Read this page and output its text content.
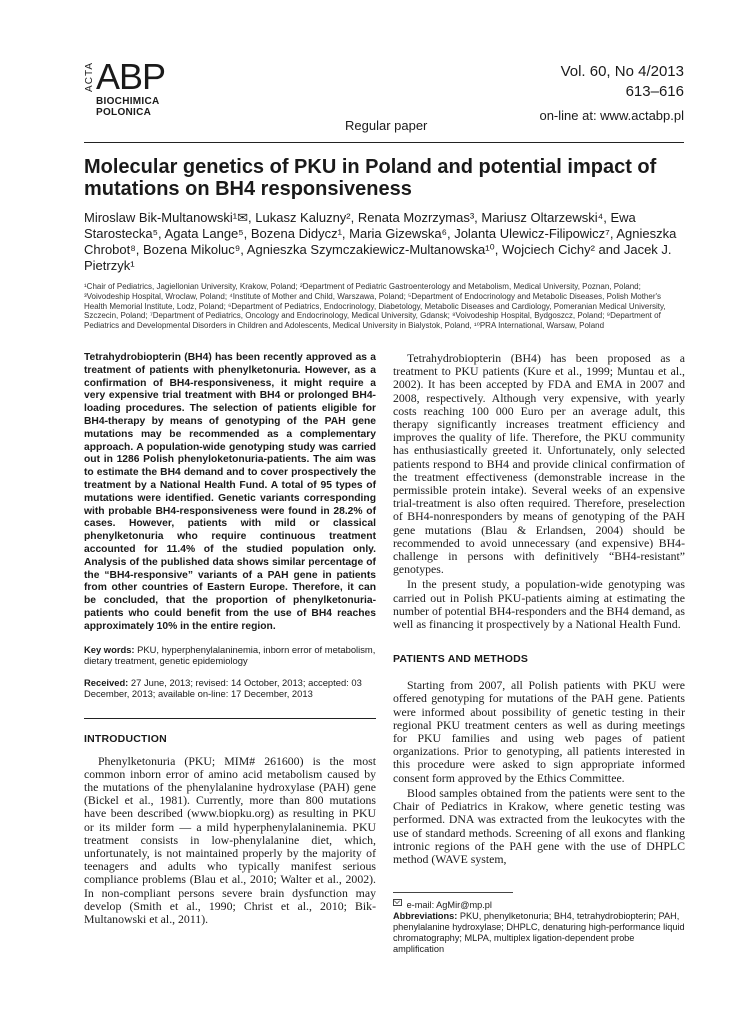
ACTA ABP
BIOCHIMICA
POLONICA
Vol. 60, No 4/2013
613–616
on-line at: www.actabp.pl
Regular paper
Molecular genetics of PKU in Poland and potential impact of mutations on BH4 responsiveness
Miroslaw Bik-Multanowski¹✉, Lukasz Kaluzny², Renata Mozrzymas³, Mariusz Oltarzewski⁴, Ewa Starostecka⁵, Agata Lange⁵, Bozena Didycz¹, Maria Gizewska⁶, Jolanta Ulewicz-Filipowicz⁷, Agnieszka Chrobot⁸, Bozena Mikoluc⁹, Agnieszka Szymczakiewicz-Multanowska¹⁰, Wojciech Cichy² and Jacek J. Pietrzyk¹
¹Chair of Pediatrics, Jagiellonian University, Krakow, Poland; ²Department of Pediatric Gastroenterology and Metabolism, Medical University, Poznan, Poland; ³Voivodeship Hospital, Wroclaw, Poland; ⁴Institute of Mother and Child, Warszawa, Poland; ⁵Department of Endocrinology and Metabolic Diseases, Polish Mother's Health Memorial Institute, Lodz, Poland; ⁶Department of Pediatrics, Endocrinology, Diabetology, Metabolic Diseases and Cardiology, Pomeranian Medical University, Szczecin, Poland; ⁷Department of Pediatrics, Oncology and Endocrinology, Medical University, Gdansk; ⁸Voivodeship Hospital, Bydgoszcz, Poland; ⁹Department of Pediatrics and Developmental Disorders in Children and Adolescents, Medical University in Bialystok, Poland, ¹⁰PRA International, Warsaw, Poland
Tetrahydrobiopterin (BH4) has been recently approved as a treatment of patients with phenylketonuria. However, as a confirmation of BH4-responsiveness, it might require a very expensive trial treatment with BH4 or prolonged BH4-loading procedures. The selection of patients eligible for BH4-therapy by means of genotyping of the PAH gene mutations may be recommended as a complementary approach. A population-wide genotyping study was carried out in 1286 Polish phenyloketonuria-patients. The aim was to estimate the BH4 demand and to cover prospectively the treatment by a National Health Fund. A total of 95 types of mutations were identified. Genetic variants corresponding with probable BH4-responsiveness were found in 28.2% of cases. However, patients with mild or classical phenylketonuria who require continuous treatment accounted for 11.4% of the studied population only. Analysis of the published data shows similar percentage of the “BH4-responsive” variants of a PAH gene in patients from other countries of Eastern Europe. Therefore, it can be concluded, that the proportion of phenylketonuria-patients who could benefit from the use of BH4 reaches approximately 10% in the entire region.
Key words: PKU, hyperphenylalaninemia, inborn error of metabolism, dietary treatment, genetic epidemiology
Received: 27 June, 2013; revised: 14 October, 2013; accepted: 03 December, 2013; available on-line: 17 December, 2013
INTRODUCTION

Phenylketonuria (PKU; MIM# 261600) is the most common inborn error of amino acid metabolism caused by the mutations of the phenylalanine hydroxylase (PAH) gene (Bickel et al., 1981). Currently, more than 800 mutations have been described (www.biopku.org) as resulting in PKU or its milder form — a mild hyperphenylalaninemia. PKU treatment consists in low-phenylalanine diet, which, unfortunately, is not maintained properly by the majority of teenagers and adults who typically manifest serious compliance problems (Blau et al., 2010; Walter et al., 2002). In non-compliant persons severe brain dysfunction may develop (Smith et al., 1990; Christ et al., 2010; Bik-Multanowski et al., 2011).

Tetrahydrobiopterin (BH4) has been proposed as a treatment to PKU patients (Kure et al., 1999; Muntau et al., 2002). It has been accepted by FDA and EMA in 2007 and 2008, respectively. Although very expensive, with yearly costs reaching 100 000 Euro per an average adult, this therapy significantly increases treatment efficiency and improves the quality of life. Therefore, the PKU community has enthusiastically greeted it. Unfortunately, only selected patients respond to BH4 and provide clinical confirmation of the treatment effectiveness (demonstrable increase in the permissible protein intake). Several weeks of an expensive trial-treatment is also often required. Therefore, preselection of BH4-nonresponders by means of genotyping of the PAH gene mutations (Blau & Erlandsen, 2004) should be recommended to avoid unnecessary (and expensive) BH4-challenge in persons with definitively “BH4-resistant” genotypes.

In the present study, a population-wide genotyping was carried out in Polish PKU-patients aiming at estimating the number of potential BH4-responders and the BH4 demand, as well as financing it prospectively by a National Health Fund.

PATIENTS AND METHODS

Starting from 2007, all Polish patients with PKU were offered genotyping for mutations of the PAH gene. Patients were informed about possibility of genetic testing in their regional PKU treatment centers as well as during meetings for PKU families and using web pages of patient organizations. Prior to genotyping, all patients interested in this procedure were asked to sign appropriate informed consent form approved by the Ethics Committee.

Blood samples obtained from the patients were sent to the Chair of Pediatrics in Krakow, where genetic testing was performed. DNA was extracted from the leukocytes with the use of standard methods. Screening of all exons and flanking intronic regions of the PAH gene with the use of DHPLC method (WAVE system,

e-mail: AgMir@mp.pl
Abbreviations: PKU, phenylketonuria; BH4, tetrahydrobiopterin; PAH, phenylalanine hydroxylase; DHPLC, denaturing high-performance liquid chromatography; MLPA, multiplex ligation-dependent probe amplification
